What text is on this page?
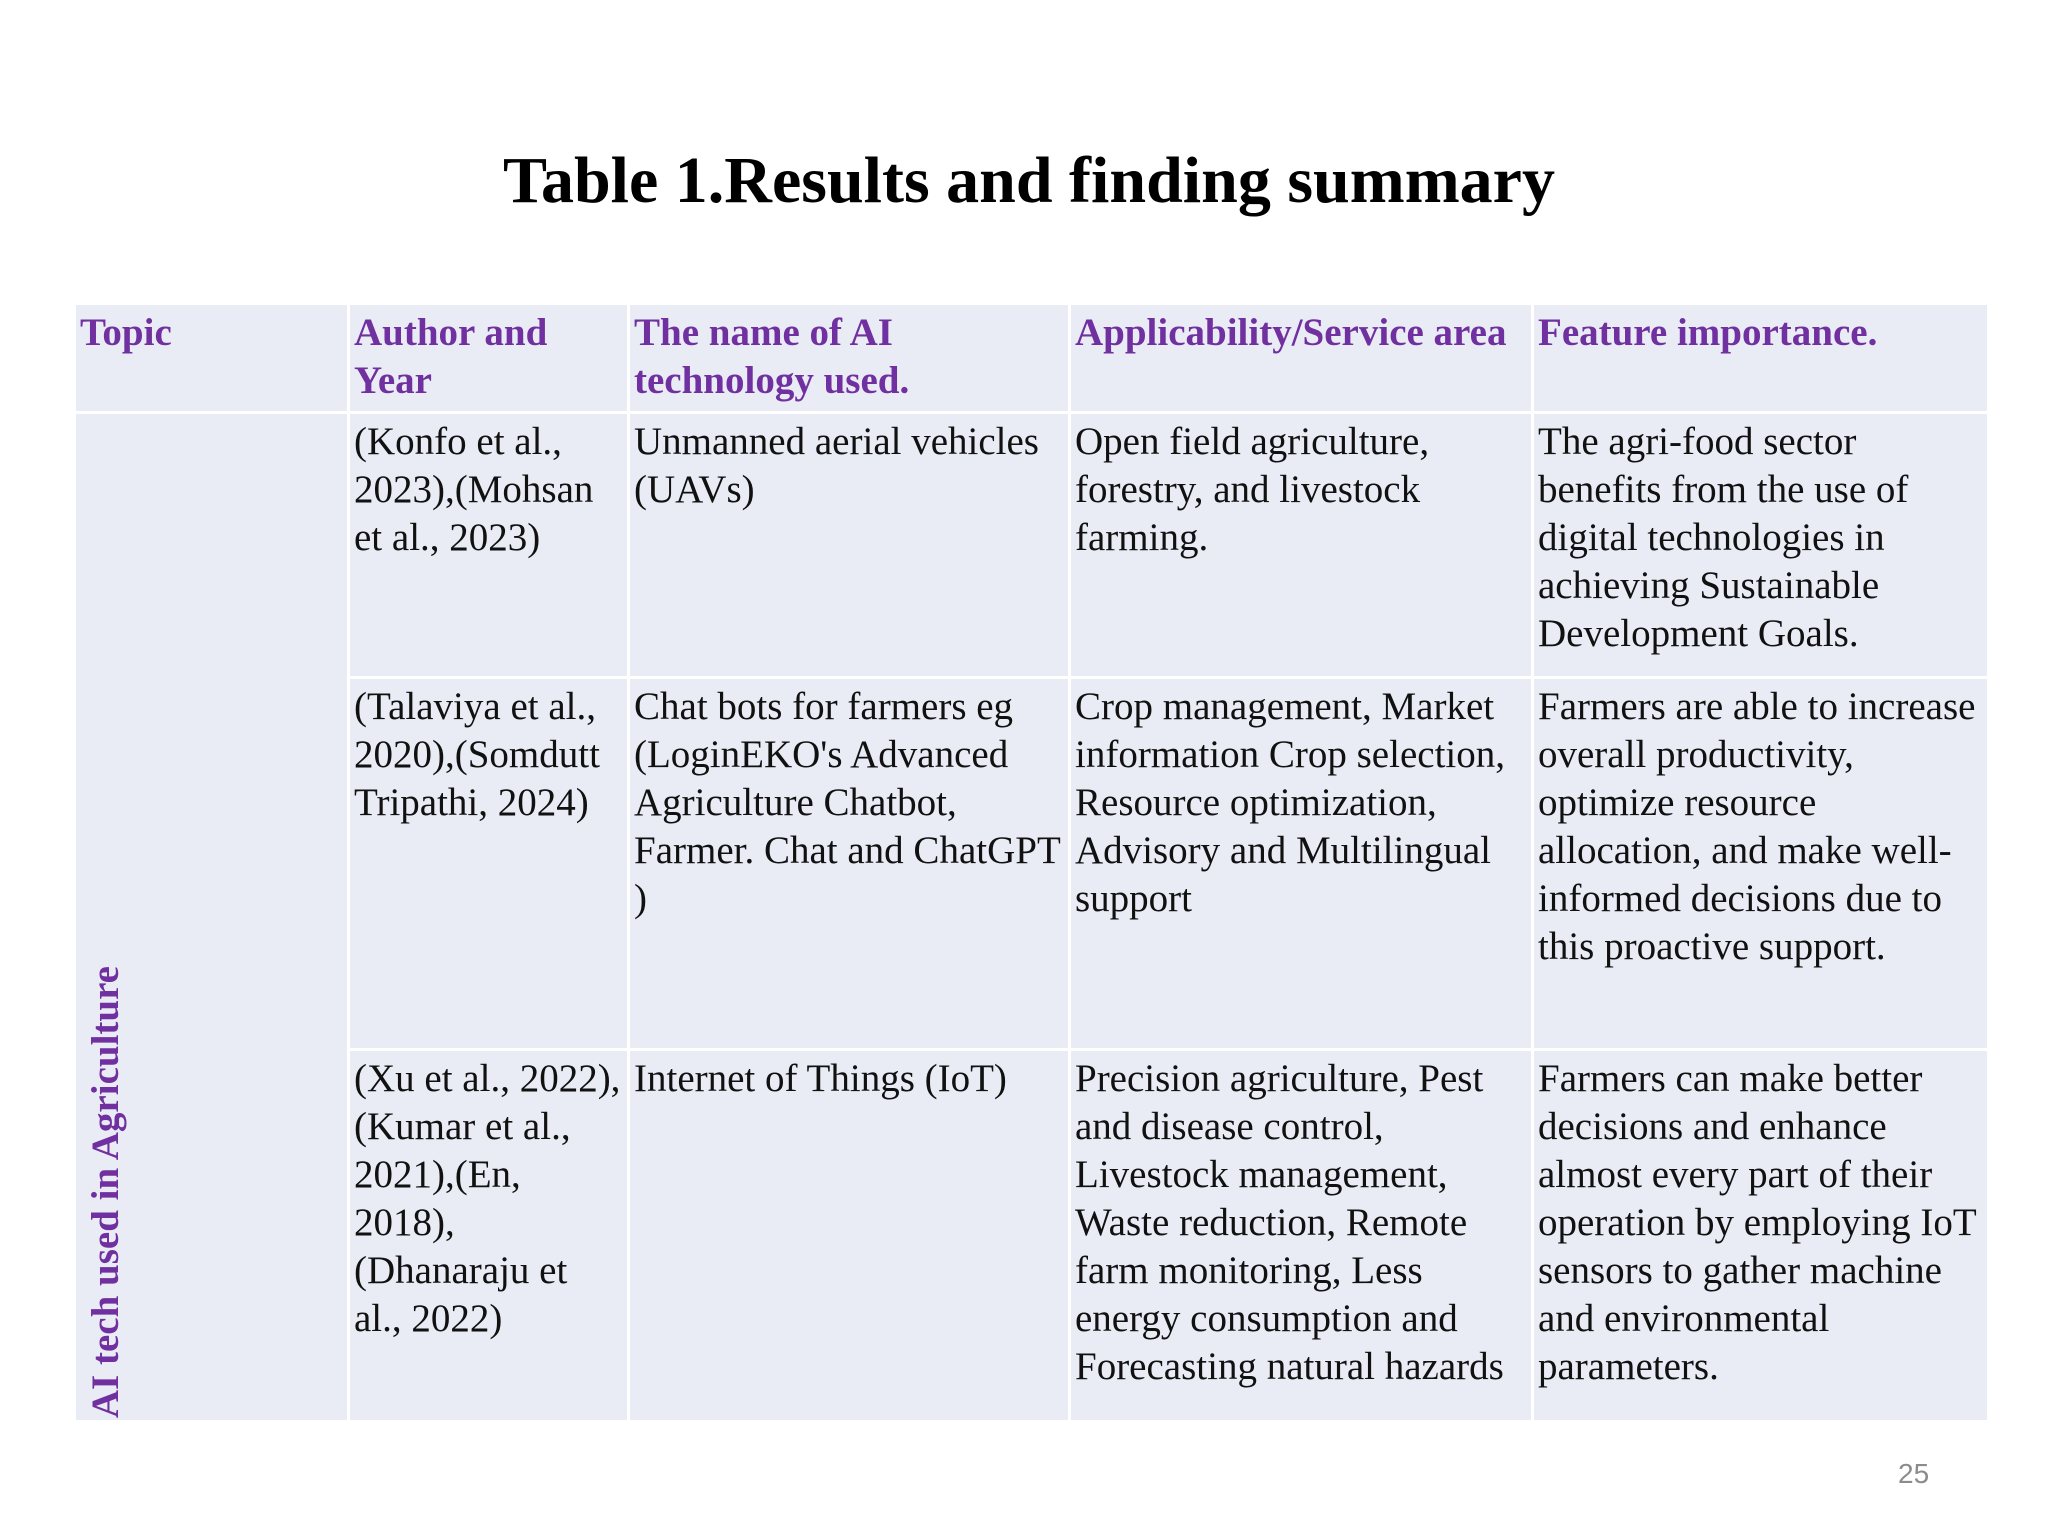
Table 1.Results and finding summary
Topic	Author and Year	The name of AI technology used.	Applicability/Service area	Feature importance.

AI tech used in Agriculture	(Konfo et al., 2023),(Mohsan et al., 2023)	Unmanned aerial vehicles (UAVs)	Open field agriculture, forestry, and livestock farming.	The agri-food sector benefits from the use of digital technologies in achieving Sustainable Development Goals.
	(Talaviya et al., 2020),(Somdutt Tripathi, 2024)	Chat bots for farmers eg (LoginEKO's Advanced Agriculture Chatbot, Farmer. Chat and ChatGPT )	Crop management, Market information Crop selection, Resource optimization, Advisory and Multilingual support	Farmers are able to increase overall productivity, optimize resource allocation, and make well-informed decisions due to this proactive support.
	(Xu et al., 2022),(Kumar et al., 2021),(En, 2018),(Dhanaraju et al., 2022)	Internet of Things (IoT)	Precision agriculture, Pest and disease control, Livestock management, Waste reduction, Remote farm monitoring, Less energy consumption and Forecasting natural hazards	Farmers can make better decisions and enhance almost every part of their operation by employing IoT sensors to gather machine and environmental parameters.
25
